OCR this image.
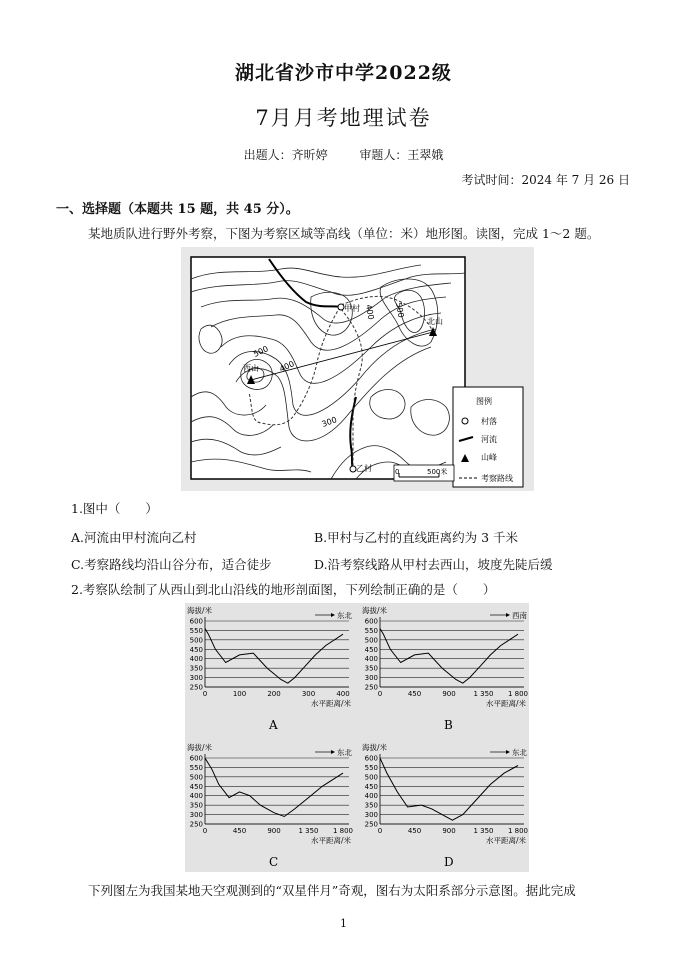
湖北省沙市中学2022级
7月月考地理试卷
出题人：齐昕婷	审题人：王翠娥
考试时间：2024 年 7 月 26 日
一、选择题（本题共 15 题，共 45 分）。
某地质队进行野外考察，下图为考察区域等高线（单位：米）地形图。读图，完成 1～2 题。
甲村
乙村
西山
北山
500
400
300
400 500
图例
村落
河流
山峰
考察路线
0	500米
1.图中（　　）
A.河流由甲村流向乙村	B.甲村与乙村的直线距离约为 3 千米
C.考察路线均沿山谷分布，适合徒步	D.沿考察线路从甲村去西山，坡度先陡后缓
2.考察队绘制了从西山到北山沿线的地形剖面图，下列绘制正确的是（　　）
600
550
500
450
400
350
300
250
0	100	200	300	400
海拔/米
东北
水平距离/米
A
600
550
500
450
400
350
300
250
0	450	900	1 350 1 800
海拔/米
西南
水平距离/米
B
600
550
500
450
400
350
300
250
0	450	900	1 350 1 800
海拔/米
东北
水平距离/米
C
600
550
500
450
400
350
300
250
0	450	900	1 350 1 800
海拔/米
东北
水平距离/米
D
下列图左为我国某地天空观测到的“双星伴月”奇观，图右为太阳系部分示意图。据此完成
1
